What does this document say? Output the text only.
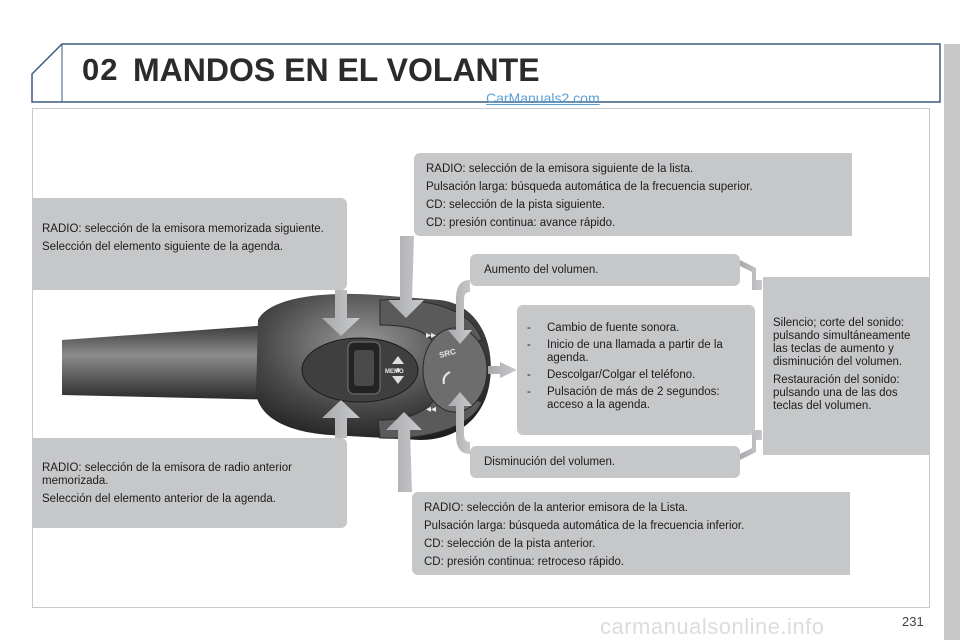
02 MANDOS EN EL VOLANTE
CarManuals2.com
MEMO
SRC
▸▸
◂◂

RADIO: selección de la emisora memorizada siguiente.

Selección del elemento siguiente de la agenda.

RADIO: selección de la emisora de radio anterior memorizada.

Selección del elemento anterior de la agenda.

RADIO: selección de la emisora siguiente de la lista.

Pulsación larga: búsqueda automática de la frecuencia superior.

CD: selección de la pista siguiente.

CD: presión continua: avance rápido.

RADIO: selección de la anterior emisora de la Lista.

Pulsación larga: búsqueda automática de la frecuencia inferior.

CD: selección de la pista anterior.

CD: presión continua: retroceso rápido.

Aumento del volumen.
Disminución del volumen.
- Cambio de fuente sonora.
- Inicio de una llamada a partir de la agenda.
- Descolgar/Colgar el teléfono.
- Pulsación de más de 2 segundos: acceso a la agenda.

Silencio; corte del sonido: pulsando simultáneamente las teclas de aumento y disminución del volumen.

Restauración del sonido: pulsando una de las dos teclas del volumen.

carmanualsonline.info	231
